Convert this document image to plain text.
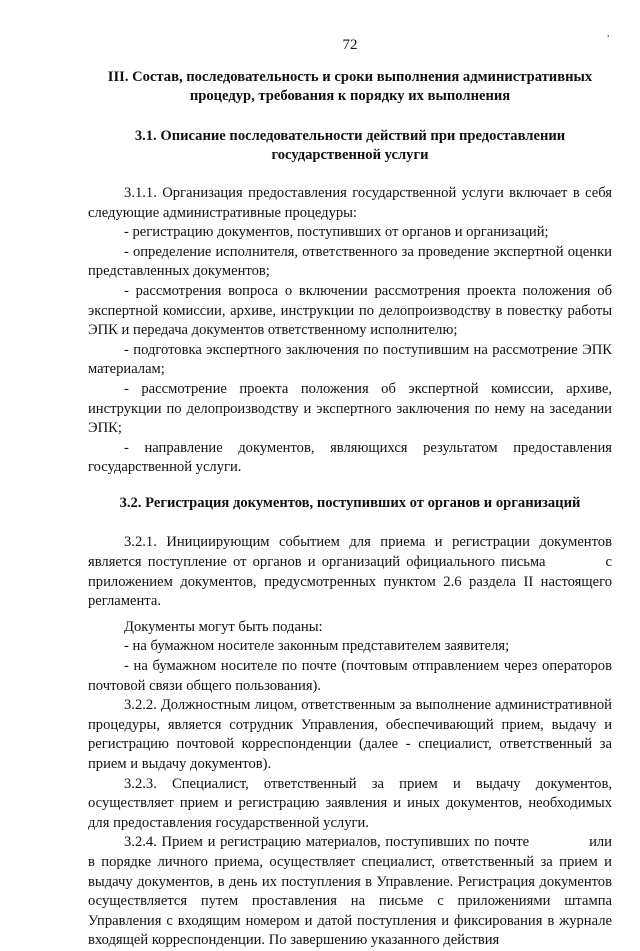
ʼ
72
III. Состав, последовательность и сроки выполнения административных процедур, требования к порядку их выполнения
3.1. Описание последовательности действий при предоставлении государственной услуги

3.1.1. Организация предоставления государственной услуги включает в себя следующие административные процедуры:

- регистрацию документов, поступивших от органов и организаций;
- определение исполнителя, ответственного за проведение экспертной оценки представленных документов;
- рассмотрения вопроса о включении рассмотрения проекта положения об экспертной комиссии, архиве, инструкции по делопроизводству в повестку работы ЭПК и передача документов ответственному исполнителю;
- подготовка экспертного заключения по поступившим на рассмотрение ЭПК материалам;
- рассмотрение проекта положения об экспертной комиссии, архиве, инструкции по делопроизводству и экспертного заключения по нему на заседании ЭПК;
- направление документов, являющихся результатом предоставления государственной услуги.
3.2. Регистрация документов, поступивших от органов и организаций

3.2.1. Инициирующим событием для приема и регистрации документов является поступление от органов и организаций официального письма	с приложением документов, предусмотренных пунктом 2.6 раздела II настоящего регламента.

Документы могут быть поданы:

- на бумажном носителе законным представителем заявителя;
- на бумажном носителе по почте (почтовым отправлением через операторов почтовой связи общего пользования).

3.2.2. Должностным лицом, ответственным за выполнение административной процедуры, является сотрудник Управления, обеспечивающий прием, выдачу и регистрацию почтовой корреспонденции (далее - специалист, ответственный за прием и выдачу документов).

3.2.3. Специалист, ответственный за прием и выдачу документов, осуществляет прием и регистрацию заявления и иных документов, необходимых для предоставления государственной услуги.

3.2.4. Прием и регистрацию материалов, поступивших по почте	или в порядке личного приема, осуществляет специалист, ответственный за прием и выдачу документов, в день их поступления в Управление. Регистрация документов осуществляется путем проставления на письме с приложениями штампа Управления с входящим номером и датой поступления и фиксирования в журнале входящей корреспонденции. По завершению указанного действия
